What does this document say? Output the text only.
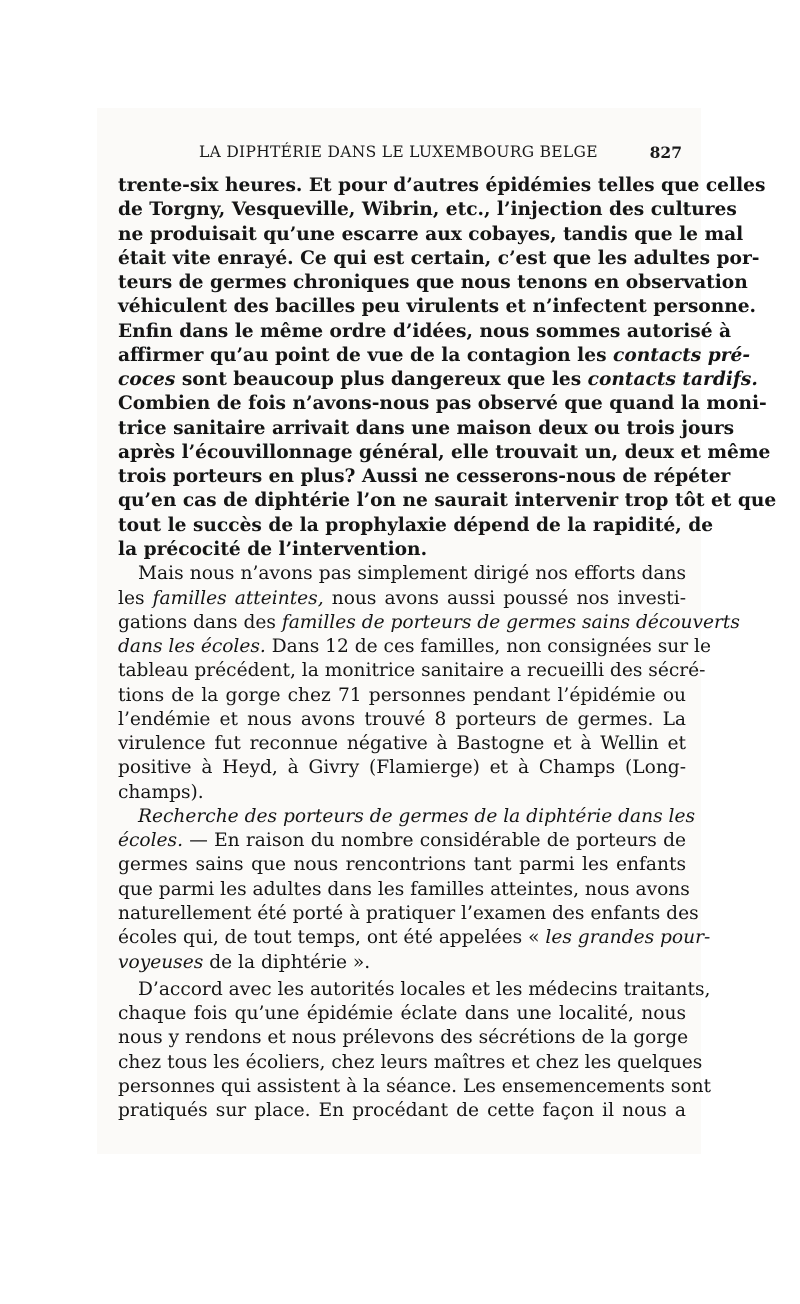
LA DIPHTÉRIE DANS LE LUXEMBOURG BELGE	827
trente-six heures. Et pour d’autres épidémies telles que celles
de Torgny, Vesqueville, Wibrin, etc., l’injection des cultures
ne produisait qu’une escarre aux cobayes, tandis que le mal
était vite enrayé. Ce qui est certain, c’est que les adultes por-
teurs de germes chroniques que nous tenons en observation
véhiculent des bacilles peu virulents et n’infectent personne.
Enfin dans le même ordre d’idées, nous sommes autorisé à
affirmer qu’au point de vue de la contagion les contacts pré-
coces sont beaucoup plus dangereux que les contacts tardifs.
Combien de fois n’avons-nous pas observé que quand la moni-
trice sanitaire arrivait dans une maison deux ou trois jours
après l’écouvillonnage général, elle trouvait un, deux et même
trois porteurs en plus? Aussi ne cesserons-nous de répéter
qu’en cas de diphtérie l’on ne saurait intervenir trop tôt et que
tout le succès de la prophylaxie dépend de la rapidité, de
la précocité de l’intervention.
Mais nous n’avons pas simplement dirigé nos efforts dans
les familles atteintes, nous avons aussi poussé nos investi-
gations dans des familles de porteurs de germes sains découverts
dans les écoles. Dans 12 de ces familles, non consignées sur le
tableau précédent, la monitrice sanitaire a recueilli des sécré-
tions de la gorge chez 71 personnes pendant l’épidémie ou
l’endémie et nous avons trouvé 8 porteurs de germes. La
virulence fut reconnue négative à Bastogne et à Wellin et
positive à Heyd, à Givry (Flamierge) et à Champs (Long-
champs).
Recherche des porteurs de germes de la diphtérie dans les
écoles. — En raison du nombre considérable de porteurs de
germes sains que nous rencontrions tant parmi les enfants
que parmi les adultes dans les familles atteintes, nous avons
naturellement été porté à pratiquer l’examen des enfants des
écoles qui, de tout temps, ont été appelées « les grandes pour-
voyeuses de la diphtérie ».
D’accord avec les autorités locales et les médecins traitants,
chaque fois qu’une épidémie éclate dans une localité, nous
nous y rendons et nous prélevons des sécrétions de la gorge
chez tous les écoliers, chez leurs maîtres et chez les quelques
personnes qui assistent à la séance. Les ensemencements sont
pratiqués sur place. En procédant de cette façon il nous a
